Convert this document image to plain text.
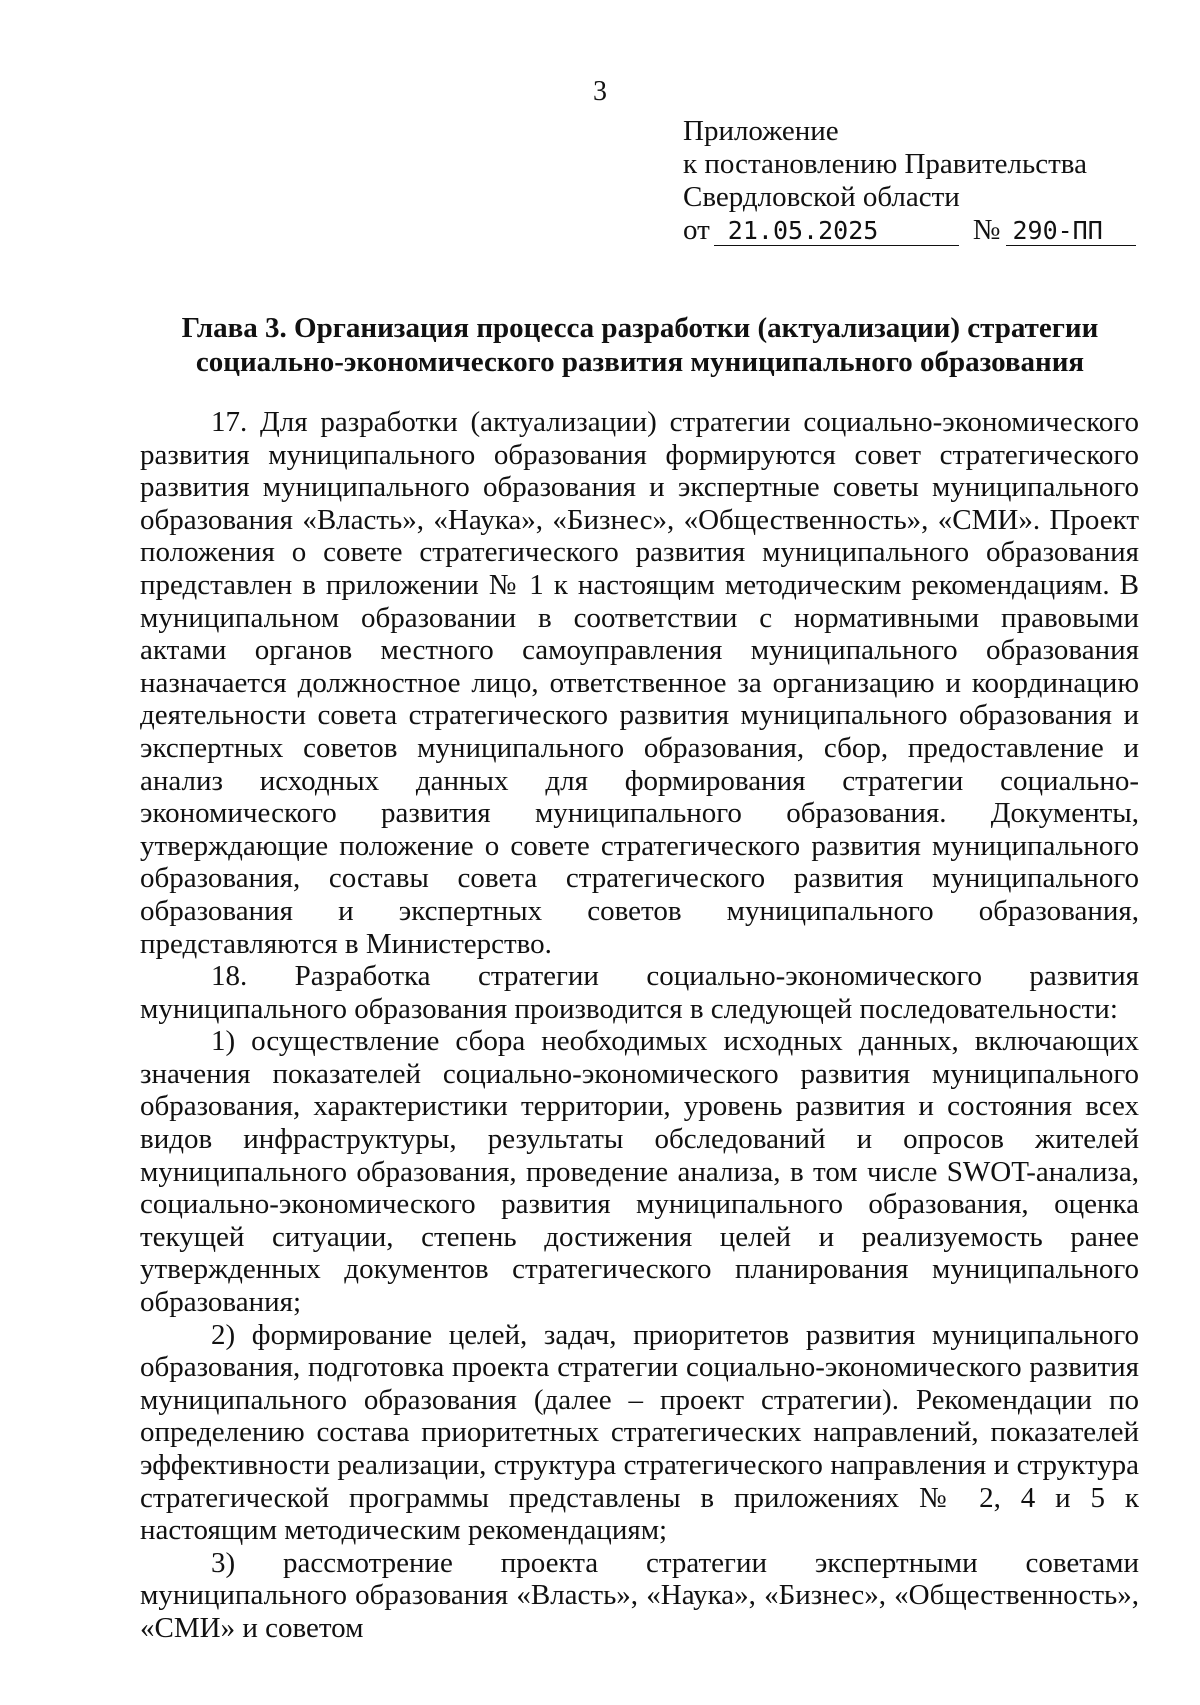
3
Приложение
к постановлению Правительства
Свердловской области
от 21.05.2025	№ 290-ПП
Глава 3. Организация процесса разработки (актуализации) стратегии
социально-экономического развития муниципального образования

17. Для разработки (актуализации) стратегии социально-экономического развития муниципального образования формируются совет стратегического развития муниципального образования и экспертные советы муниципального образования «Власть», «Наука», «Бизнес», «Общественность», «СМИ». Проект положения о совете стратегического развития муниципального образования представлен в приложении № 1 к настоящим методическим рекомендациям. В муниципальном образовании в соответствии с нормативными правовыми актами органов местного самоуправления муниципального образования назначается должностное лицо, ответственное за организацию и координацию деятельности совета стратегического развития муниципального образования и экспертных советов муниципального образования, сбор, предоставление и анализ исходных данных для формирования стратегии социально-экономического развития муниципального образования. Документы, утверждающие положение о совете стратегического развития муниципального образования, составы совета стратегического развития муниципального образования и экспертных советов муниципального образования, представляются в Министерство.

18. Разработка стратегии социально-экономического развития муниципального образования производится в следующей последовательности:

1) осуществление сбора необходимых исходных данных, включающих значения показателей социально-экономического развития муниципального образования, характеристики территории, уровень развития и состояния всех видов инфраструктуры, результаты обследований и опросов жителей муниципального образования, проведение анализа, в том числе SWOT-анализа, социально-экономического развития муниципального образования, оценка текущей ситуации, степень достижения целей и реализуемость ранее утвержденных документов стратегического планирования муниципального образования;

2) формирование целей, задач, приоритетов развития муниципального образования, подготовка проекта стратегии социально-экономического развития муниципального образования (далее – проект стратегии). Рекомендации по определению состава приоритетных стратегических направлений, показателей эффективности реализации, структура стратегического направления и структура стратегической программы представлены в приложениях № 2, 4 и 5 к настоящим методическим рекомендациям;

3) рассмотрение проекта стратегии экспертными советами муниципального образования «Власть», «Наука», «Бизнес», «Общественность», «СМИ» и советом
